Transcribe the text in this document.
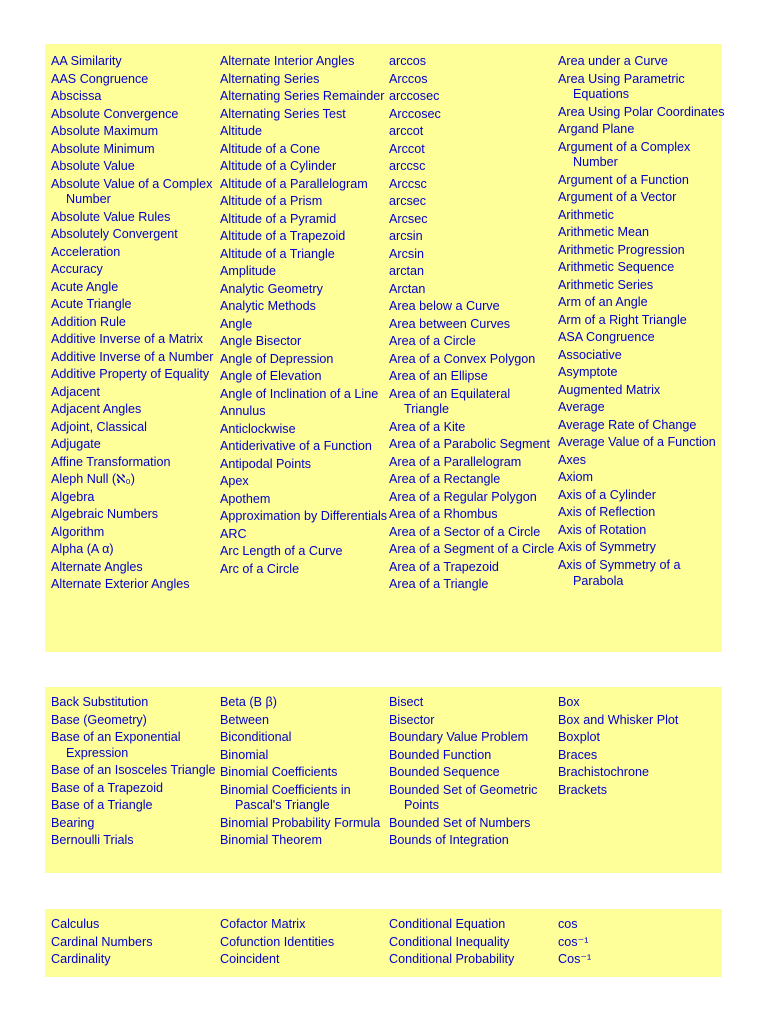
AA Similarity
AAS Congruence
Abscissa
Absolute Convergence
Absolute Maximum
Absolute Minimum
Absolute Value
Absolute Value of a Complex Number
Absolute Value Rules
Absolutely Convergent
Acceleration
Accuracy
Acute Angle
Acute Triangle
Addition Rule
Additive Inverse of a Matrix
Additive Inverse of a Number
Additive Property of Equality
Adjacent
Adjacent Angles
Adjoint, Classical
Adjugate
Affine Transformation
Aleph Null (ℵ₀)
Algebra
Algebraic Numbers
Algorithm
Alpha (Α α)
Alternate Angles
Alternate Exterior Angles
Alternate Interior Angles
Alternating Series
Alternating Series Remainder
Alternating Series Test
Altitude
Altitude of a Cone
Altitude of a Cylinder
Altitude of a Parallelogram
Altitude of a Prism
Altitude of a Pyramid
Altitude of a Trapezoid
Altitude of a Triangle
Amplitude
Analytic Geometry
Analytic Methods
Angle
Angle Bisector
Angle of Depression
Angle of Elevation
Angle of Inclination of a Line
Annulus
Anticlockwise
Antiderivative of a Function
Antipodal Points
Apex
Apothem
Approximation by Differentials
ARC
Arc Length of a Curve
Arc of a Circle
arccos
Arccos
arccosec
Arccosec
arccot
Arccot
arccsc
Arccsc
arcsec
Arcsec
arcsin
Arcsin
arctan
Arctan
Area below a Curve
Area between Curves
Area of a Circle
Area of a Convex Polygon
Area of an Ellipse
Area of an Equilateral Triangle
Area of a Kite
Area of a Parabolic Segment
Area of a Parallelogram
Area of a Rectangle
Area of a Regular Polygon
Area of a Rhombus
Area of a Sector of a Circle
Area of a Segment of a Circle
Area of a Trapezoid
Area of a Triangle
Area under a Curve
Area Using Parametric Equations
Area Using Polar Coordinates
Argand Plane
Argument of a Complex Number
Argument of a Function
Argument of a Vector
Arithmetic
Arithmetic Mean
Arithmetic Progression
Arithmetic Sequence
Arithmetic Series
Arm of an Angle
Arm of a Right Triangle
ASA Congruence
Associative
Asymptote
Augmented Matrix
Average
Average Rate of Change
Average Value of a Function
Axes
Axiom
Axis of a Cylinder
Axis of Reflection
Axis of Rotation
Axis of Symmetry
Axis of Symmetry of a Parabola
Back Substitution
Base (Geometry)
Base of an Exponential Expression
Base of an Isosceles Triangle
Base of a Trapezoid
Base of a Triangle
Bearing
Bernoulli Trials
Beta (Β β)
Between
Biconditional
Binomial
Binomial Coefficients
Binomial Coefficients in Pascal's Triangle
Binomial Probability Formula
Binomial Theorem
Bisect
Bisector
Boundary Value Problem
Bounded Function
Bounded Sequence
Bounded Set of Geometric Points
Bounded Set of Numbers
Bounds of Integration
Box
Box and Whisker Plot
Boxplot
Braces
Brachistochrone
Brackets
Calculus
Cardinal Numbers
Cardinality
Cofactor Matrix
Cofunction Identities
Coincident
Conditional Equation
Conditional Inequality
Conditional Probability
cos
cos⁻¹
Cos⁻¹
